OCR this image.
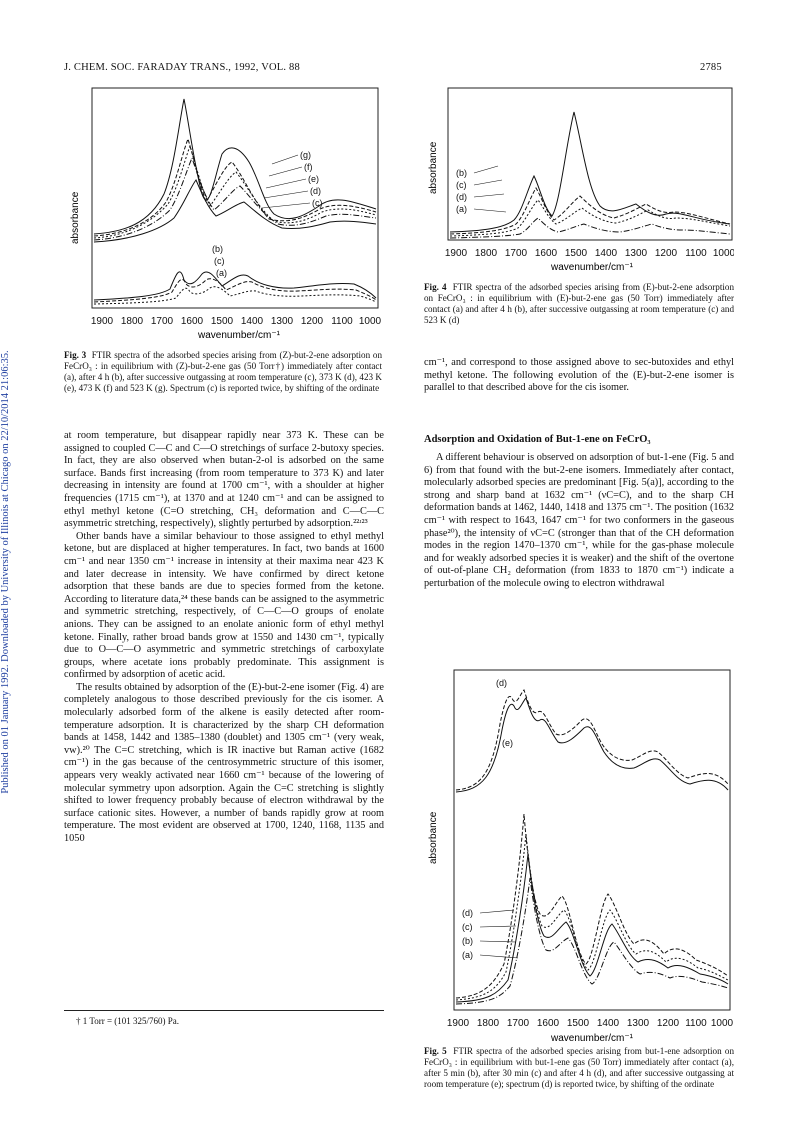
Published on 01 January 1992. Downloaded by University of Illinois at Chicago on 22/10/2014 21:06:35.
J. CHEM. SOC. FARADAY TRANS., 1992, VOL. 88	2785
absorbance
(g)
(f)
(e)
(d)
(c)
(b)
(c)
(a)
1900 1800 1700 1600 1500 1400 1300 1200 1100 1000
wavenumber/cm⁻¹
Fig. 3 FTIR spectra of the adsorbed species arising from (Z)-but-2-ene adsorption on FeCrO₃ : in equilibrium with (Z)-but-2-ene gas (50 Torr†) immediately after contact (a), after 4 h (b), after successive outgassing at room temperature (c), 373 K (d), 423 K (e), 473 K (f) and 523 K (g). Spectrum (c) is reported twice, by shifting of the ordinate
absorbance (b)
(c)
(d)
(a)
1900 1800 1700 1600 1500 1400 1300 1200 1100 1000
wavenumber/cm⁻¹
Fig. 4 FTIR spectra of the adsorbed species arising from (E)-but-2-ene adsorption on FeCrO₃ : in equilibrium with (E)-but-2-ene gas (50 Torr) immediately after contact (a) and after 4 h (b), after successive outgassing at room temperature (c) and 523 K (d)

at room temperature, but disappear rapidly near 373 K. These can be assigned to coupled C—C and C—O stretchings of surface 2-butoxy species. In fact, they are also observed when butan-2-ol is adsorbed on the same surface. Bands first increasing (from room temperature to 373 K) and later decreasing in intensity are found at 1700 cm⁻¹, with a shoulder at higher frequencies (1715 cm⁻¹), at 1370 and at 1240 cm⁻¹ and can be assigned to ethyl methyl ketone (C=O stretching, CH₃ deformation and C—C—C asymmetric stretching, respectively), slightly perturbed by adsorption.²²ʴ²³

Other bands have a similar behaviour to those assigned to ethyl methyl ketone, but are displaced at higher temperatures. In fact, two bands at 1600 cm⁻¹ and near 1350 cm⁻¹ increase in intensity at their maxima near 423 K and later decrease in intensity. We have confirmed by direct ketone adsorption that these bands are due to species formed from the ketone. According to literature data,²⁴ these bands can be assigned to the asymmetric and symmetric stretching, respectively, of C—C—O groups of enolate anions. They can be assigned to an enolate anionic form of ethyl methyl ketone. Finally, rather broad bands grow at 1550 and 1430 cm⁻¹, typically due to O—C—O asymmetric and symmetric stretchings of carboxylate groups, where acetate ions probably predominate. This assignment is confirmed by adsorption of acetic acid.

The results obtained by adsorption of the (E)-but-2-ene isomer (Fig. 4) are completely analogous to those described previously for the cis isomer. A molecularly adsorbed form of the alkene is easily detected after room-temperature adsorption. It is characterized by the sharp CH deformation bands at 1458, 1442 and 1385–1380 (doublet) and 1305 cm⁻¹ (very weak, vw).²⁰ The C=C stretching, which is IR inactive but Raman active (1682 cm⁻¹) in the gas because of the centrosymmetric structure of this isomer, appears very weakly activated near 1660 cm⁻¹ because of the lowering of molecular symmetry upon adsorption. Again the C=C stretching is slightly shifted to lower frequency probably because of electron withdrawal by the surface cationic sites. However, a number of bands rapidly grow at room temperature. The most evident are observed at 1700, 1240, 1168, 1135 and 1050

† 1 Torr = (101 325/760) Pa.

cm⁻¹, and correspond to those assigned above to sec-butoxides and ethyl methyl ketone. The following evolution of the (E)-but-2-ene isomer is parallel to that described above for the cis isomer.

Adsorption and Oxidation of But-1-ene on FeCrO₃

A different behaviour is observed on adsorption of but-1-ene (Fig. 5 and 6) from that found with the but-2-ene isomers. Immediately after contact, molecularly adsorbed species are predominant [Fig. 5(a)], according to the strong and sharp band at 1632 cm⁻¹ (νC=C), and to the sharp CH deformation bands at 1462, 1440, 1418 and 1375 cm⁻¹. The position (1632 cm⁻¹ with respect to 1643, 1647 cm⁻¹ for two conformers in the gaseous phase²⁰), the intensity of νC=C (stronger than that of the CH deformation modes in the region 1470–1370 cm⁻¹, while for the gas-phase molecule and for weakly adsorbed species it is weaker) and the shift of the overtone of out-of-plane CH₂ deformation (from 1833 to 1870 cm⁻¹) indicate a perturbation of the molecule owing to electron withdrawal

absorbance
(d)
(e)
(d)
(c)
(b)
(a)
1900 1800 1700 1600 1500 1400 1300 1200 1100 1000
wavenumber/cm⁻¹
Fig. 5 FTIR spectra of the adsorbed species arising from but-1-ene adsorption on FeCrO₃ : in equilibrium with but-1-ene gas (50 Torr) immediately after contact (a), after 5 min (b), after 30 min (c) and after 4 h (d), and after successive outgassing at room temperature (e); spectrum (d) is reported twice, by shifting of the ordinate
